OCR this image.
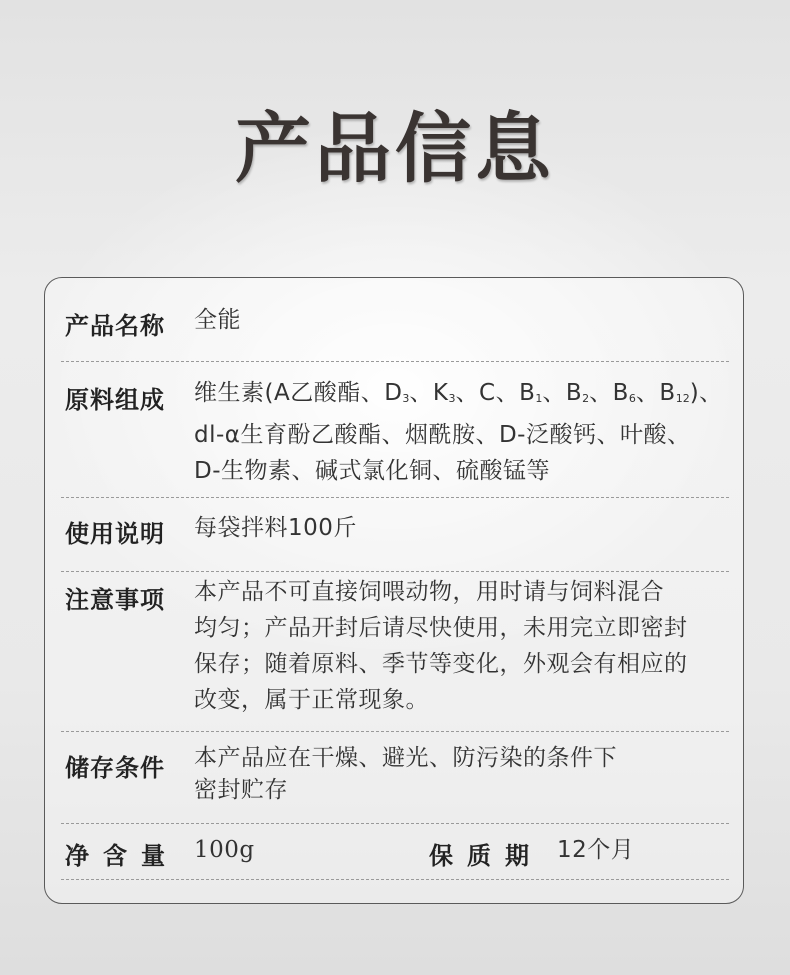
产品信息
产品名称 全能
原料组成 维生素(A乙酸酯、$D_3$、$K_3$、C、$B_1$、$B_2$、$B_6$、$B_{12}$)、
dl-α生育酚乙酸酯、烟酰胺、D-泛酸钙、叶酸、
D-生物素、碱式氯化铜、硫酸锰等
使用说明 每袋拌料100斤
注意事项 本产品不可直接饲喂动物，用时请与饲料混合
均匀；产品开封后请尽快使用，未用完立即密封
保存；随着原料、季节等变化，外观会有相应的
改变，属于正常现象。
储存条件 本产品应在干燥、避光、防污染的条件下
密封贮存
净含量 100g	保质期 12个月
